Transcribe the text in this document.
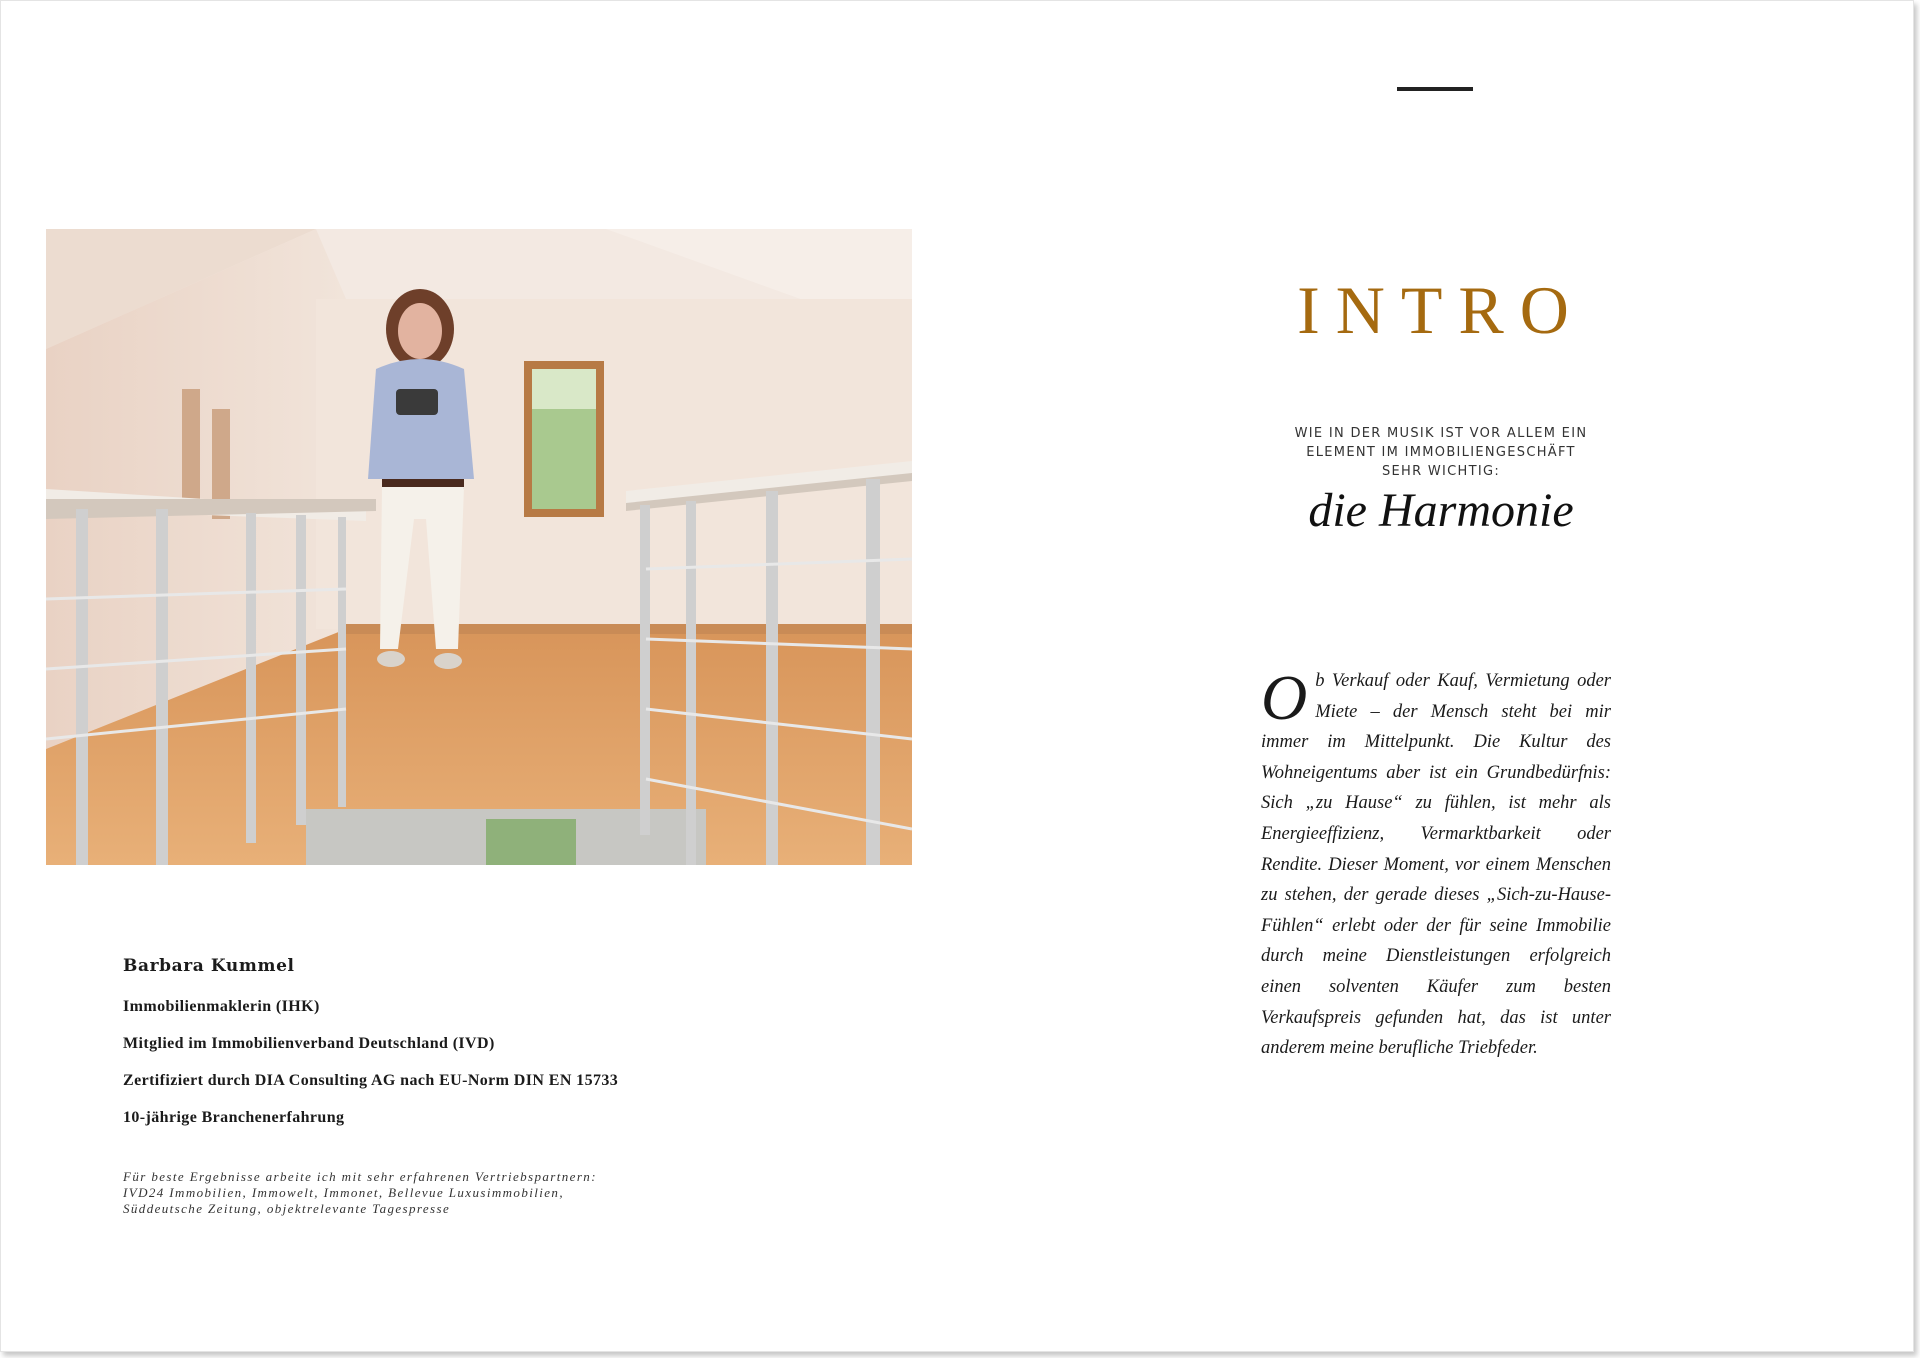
Barbara Kummel
Immobilienmaklerin (IHK)
Mitglied im Immobilienverband Deutschland (IVD)
Zertifiziert durch DIA Consulting AG nach EU-Norm DIN EN 15733
10-jährige Branchenerfahrung
Für beste Ergebnisse arbeite ich mit sehr erfahrenen Vertriebspartnern:
IVD24 Immobilien, Immowelt, Immonet, Bellevue Luxusimmobilien,
Süddeutsche Zeitung, objektrelevante Tagespresse
INTRO
WIE IN DER MUSIK IST VOR ALLEM EIN
ELEMENT IM IMMOBILIENGESCHÄFT
SEHR WICHTIG:
die Harmonie
Ob Verkauf oder Kauf, Vermietung oder Miete – der Mensch steht bei mir immer im Mittelpunkt. Die Kultur des Wohneigentums aber ist ein Grundbedürfnis: Sich „zu Hause“ zu fühlen, ist mehr als Energieeffizienz, Vermarktbarkeit oder Rendite. Dieser Moment, vor einem Menschen zu stehen, der gerade dieses „Sich-zu-Hause-Fühlen“ erlebt oder der für seine Immobilie durch meine Dienstleistungen erfolgreich einen solventen Käufer zum besten Verkaufspreis gefunden hat, das ist unter anderem meine berufliche Triebfeder.
